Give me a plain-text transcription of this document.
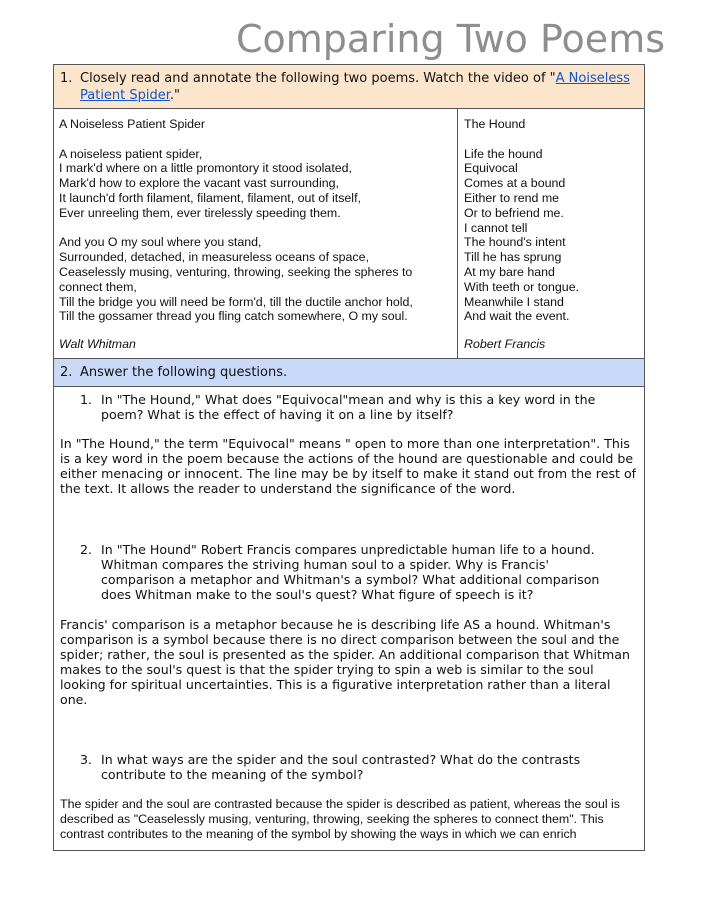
Comparing Two Poems
1. Closely read and annotate the following two poems. Watch the video of "A Noiseless Patient Spider."
A Noiseless Patient Spider

A noiseless patient spider,
I mark'd where on a little promontory it stood isolated,
Mark'd how to explore the vacant vast surrounding,
It launch'd forth filament, filament, filament, out of itself,
Ever unreeling them, ever tirelessly speeding them.

And you O my soul where you stand,
Surrounded, detached, in measureless oceans of space,
Ceaselessly musing, venturing, throwing, seeking the spheres to
connect them,
Till the bridge you will need be form'd, till the ductile anchor hold,
Till the gossamer thread you fling catch somewhere, O my soul.
Walt Whitman
The Hound

Life the hound
Equivocal
Comes at a bound
Either to rend me
Or to befriend me.
I cannot tell
The hound's intent
Till he has sprung
At my bare hand
With teeth or tongue.
Meanwhile I stand
And wait the event.
Robert Francis
2. Answer the following questions.
1. In "The Hound," What does "Equivocal"mean and why is this a key word in the poem? What is the effect of having it on a line by itself?
In "The Hound," the term "Equivocal" means " open to more than one interpretation". This is a key word in the poem because the actions of the hound are questionable and could be either menacing or innocent. The line may be by itself to make it stand out from the rest of the text. It allows the reader to understand the significance of the word.
2. In "The Hound" Robert Francis compares unpredictable human life to a hound. Whitman compares the striving human soul to a spider. Why is Francis' comparison a metaphor and Whitman's a symbol? What additional comparison does Whitman make to the soul's quest? What figure of speech is it?
Francis' comparison is a metaphor because he is describing life AS a hound. Whitman's comparison is a symbol because there is no direct comparison between the soul and the spider; rather, the soul is presented as the spider. An additional comparison that Whitman makes to the soul's quest is that the spider trying to spin a web is similar to the soul looking for spiritual uncertainties. This is a figurative interpretation rather than a literal one.
3. In what ways are the spider and the soul contrasted? What do the contrasts contribute to the meaning of the symbol?
The spider and the soul are contrasted because the spider is described as patient, whereas the soul is described as "Ceaselessly musing, venturing, throwing, seeking the spheres to connect them". This contrast contributes to the meaning of the symbol by showing the ways in which we can enrich
